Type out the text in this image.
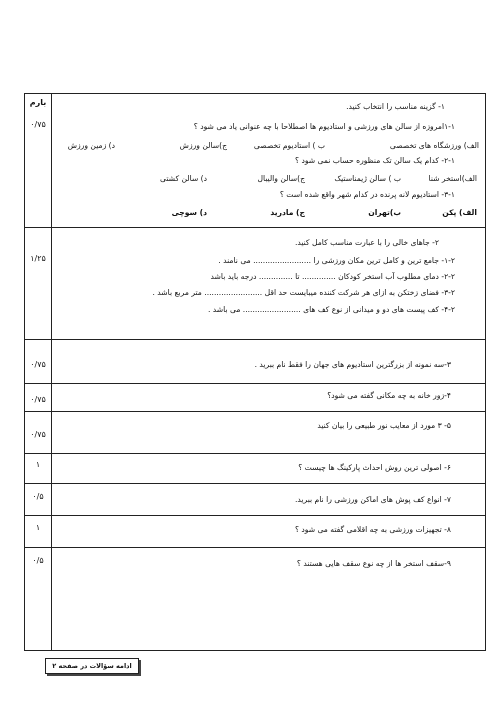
بارم
۰/۷۵
۱- گزینه مناسب را انتخاب کنید.
۱-۱امروزه از سالن های ورزشی و استادیوم ها اصطلاحا با چه عنوانی یاد می شود ؟
الف) ورزشگاه های تخصصی
ب ) استادیوم تخصصی
ج)سالن ورزش
د) زمین ورزش
۲-۱- کدام یک سالن تک منظوره حساب نمی شود ؟
الف)استخر شنا
ب ) سالن ژیمناستیک
ج)سالن والیبال
د) سالن کشتی
۳-۱- استادیوم لانه پرنده در کدام شهر واقع شده است ؟
الف) پکن
ب)تهران
ج) مادرید
د) سوچی
۱/۲۵
۲- جاهای خالی را با عبارت مناسب کامل کنید.
۱-۲- جامع ترین و کامل ترین مکان ورزشی را ........................ می نامند .
۲-۲- دمای مطلوب آب استخر کودکان .............. تا .............. درجه باید باشد
۳-۲- فضای زختکن به ازای هر شرکت کننده میبایست حد اقل ........................ متر مربع باشد .
۴-۲- کف پیست های دو و میدانی از نوع کف های ........................ می باشد .
۰/۷۵	۳-سه نمونه از بزرگترین استادیوم های جهان را فقط نام ببرید .
۰/۷۵	۴-زور خانه به چه مکانی گفته می شود؟
۰/۷۵
۵- ۳ مورد از معایب نور طبیعی را بیان کنید
۱	۶- اصولی ترین روش احداث پارکینگ ها چیست ؟
۰/۵	۷- انواع کف پوش های اماکن ورزشی را نام ببرید.
۱	۸- تجهیزات ورزشی به چه اقلامی گفته می شود ؟
۰/۵	۹-سقف استخر ها از چه نوع سقف هایی هستند ؟
ادامه سؤالات در صفحه ۲
